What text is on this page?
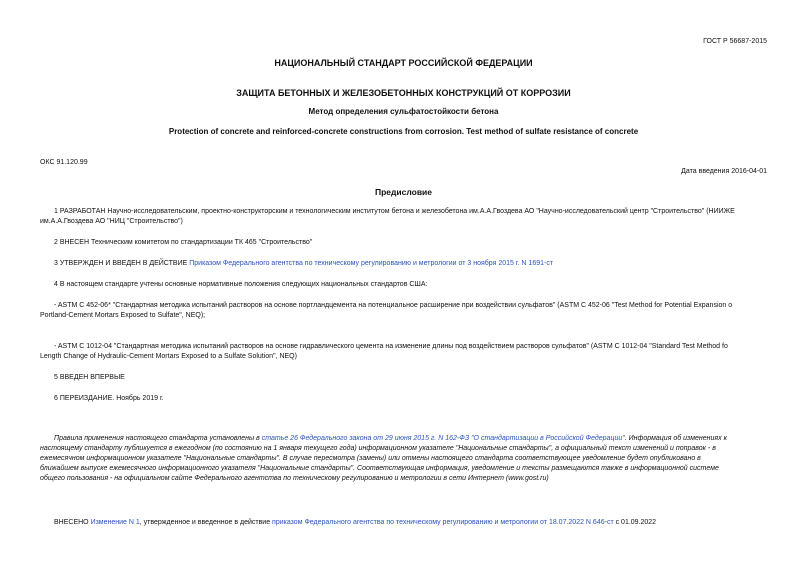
ГОСТ Р 56687-2015
НАЦИОНАЛЬНЫЙ СТАНДАРТ РОССИЙСКОЙ ФЕДЕРАЦИИ
ЗАЩИТА БЕТОННЫХ И ЖЕЛЕЗОБЕТОННЫХ КОНСТРУКЦИЙ ОТ КОРРОЗИИ
Метод определения сульфатостойкости бетона
Protection of concrete and reinforced-concrete constructions from corrosion. Test method of sulfate resistance of concrete
ОКС 91.120.99
Дата введения 2016-04-01
Предисловие
1 РАЗРАБОТАН Научно-исследовательским, проектно-конструкторским и технологическим институтом бетона и железобетона им.А.А.Гвоздева АО "Научно-исследовательский центр "Строительство" (НИИЖЕ
им.А.А.Гвоздева АО "НИЦ "Строительство")
2 ВНЕСЕН Техническим комитетом по стандартизации ТК 465 "Строительство"
3 УТВЕРЖДЕН И ВВЕДЕН В ДЕЙСТВИЕ Приказом Федерального агентства по техническому регулированию и метрологии от 3 ноября 2015 г. N 1691-ст
4 В настоящем стандарте учтены основные нормативные положения следующих национальных стандартов США:
- ASTM С 452-06* "Стандартная методика испытаний растворов на основе портландцемента на потенциальное расширение при воздействии сульфатов" (ASTM C 452-06 "Test Method for Potential Expansion o
Portland-Cement Mortars Exposed to Sulfate", NEQ);
- ASTM С 1012-04 "Стандартная методика испытаний растворов на основе гидравлического цемента на изменение длины под воздействием растворов сульфатов" (ASTM C 1012-04 "Standard Test Method fo
Length Change of Hydraulic-Cement Mortars Exposed to a Sulfate Solution", NEQ)
5 ВВЕДЕН ВПЕРВЫЕ
6 ПЕРЕИЗДАНИЕ. Ноябрь 2019 г.
Правила применения настоящего стандарта установлены в статье 26 Федерального закона от 29 июня 2015 г. N 162-ФЗ "О стандартизации в Российской Федерации". Информация об изменениях к
настоящему стандарту публикуется в ежегодном (по состоянию на 1 января текущего года) информационном указателе "Национальные стандарты", а официальный текст изменений и поправок - в
ежемесячном информационном указателе "Национальные стандарты". В случае пересмотра (замены) или отмены настоящего стандарта соответствующее уведомление будет опубликовано в
ближайшем выпуске ежемесячного информационного указателя "Национальные стандарты". Соответствующая информация, уведомление и тексты размещаются также в информационной системе
общего пользования - на официальном сайте Федерального агентства по техническому регулированию и метрологии в сети Интернет (www.gost.ru)
ВНЕСЕНО Изменение N 1, утвержденное и введенное в действие приказом Федерального агентства по техническому регулированию и метрологии от 18.07.2022 N 646-ст с 01.09.2022
